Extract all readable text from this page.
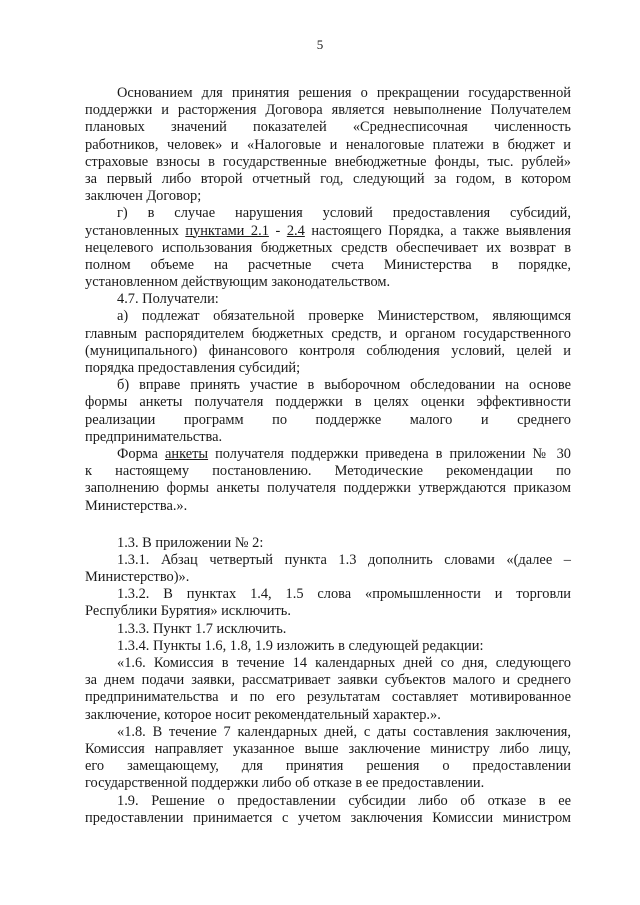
5
Основанием для принятия решения о прекращении государственной
поддержки и расторжения Договора является невыполнение Получателем
плановых значений показателей «Среднесписочная численность
работников, человек» и «Налоговые и неналоговые платежи в бюджет и
страховые взносы в государственные внебюджетные фонды, тыс. рублей»
за первый либо второй отчетный год, следующий за годом, в котором
заключен Договор;
г) в случае нарушения условий предоставления субсидий,
установленных пунктами 2.1 - 2.4 настоящего Порядка, а также выявления
нецелевого использования бюджетных средств обеспечивает их возврат в
полном объеме на расчетные счета Министерства в порядке,
установленном действующим законодательством.
4.7. Получатели:
а) подлежат обязательной проверке Министерством, являющимся
главным распорядителем бюджетных средств, и органом государственного
(муниципального) финансового контроля соблюдения условий, целей и
порядка предоставления субсидий;
б) вправе принять участие в выборочном обследовании на основе
формы анкеты получателя поддержки в целях оценки эффективности
реализации программ по поддержке малого и среднего
предпринимательства.
Форма анкеты получателя поддержки приведена в приложении № 30
к настоящему постановлению. Методические рекомендации по
заполнению формы анкеты получателя поддержки утверждаются приказом
Министерства.».
1.3. В приложении № 2:
1.3.1. Абзац четвертый пункта 1.3 дополнить словами «(далее –
Министерство)».
1.3.2. В пунктах 1.4, 1.5 слова «промышленности и торговли
Республики Бурятия» исключить.
1.3.3. Пункт 1.7 исключить.
1.3.4. Пункты 1.6, 1.8, 1.9 изложить в следующей редакции:
«1.6. Комиссия в течение 14 календарных дней со дня, следующего
за днем подачи заявки, рассматривает заявки субъектов малого и среднего
предпринимательства и по его результатам составляет мотивированное
заключение, которое носит рекомендательный характер.».
«1.8. В течение 7 календарных дней, с даты составления заключения,
Комиссия направляет указанное выше заключение министру либо лицу,
его замещающему, для принятия решения о предоставлении
государственной поддержки либо об отказе в ее предоставлении.
1.9. Решение о предоставлении субсидии либо об отказе в ее
предоставлении принимается с учетом заключения Комиссии министром
